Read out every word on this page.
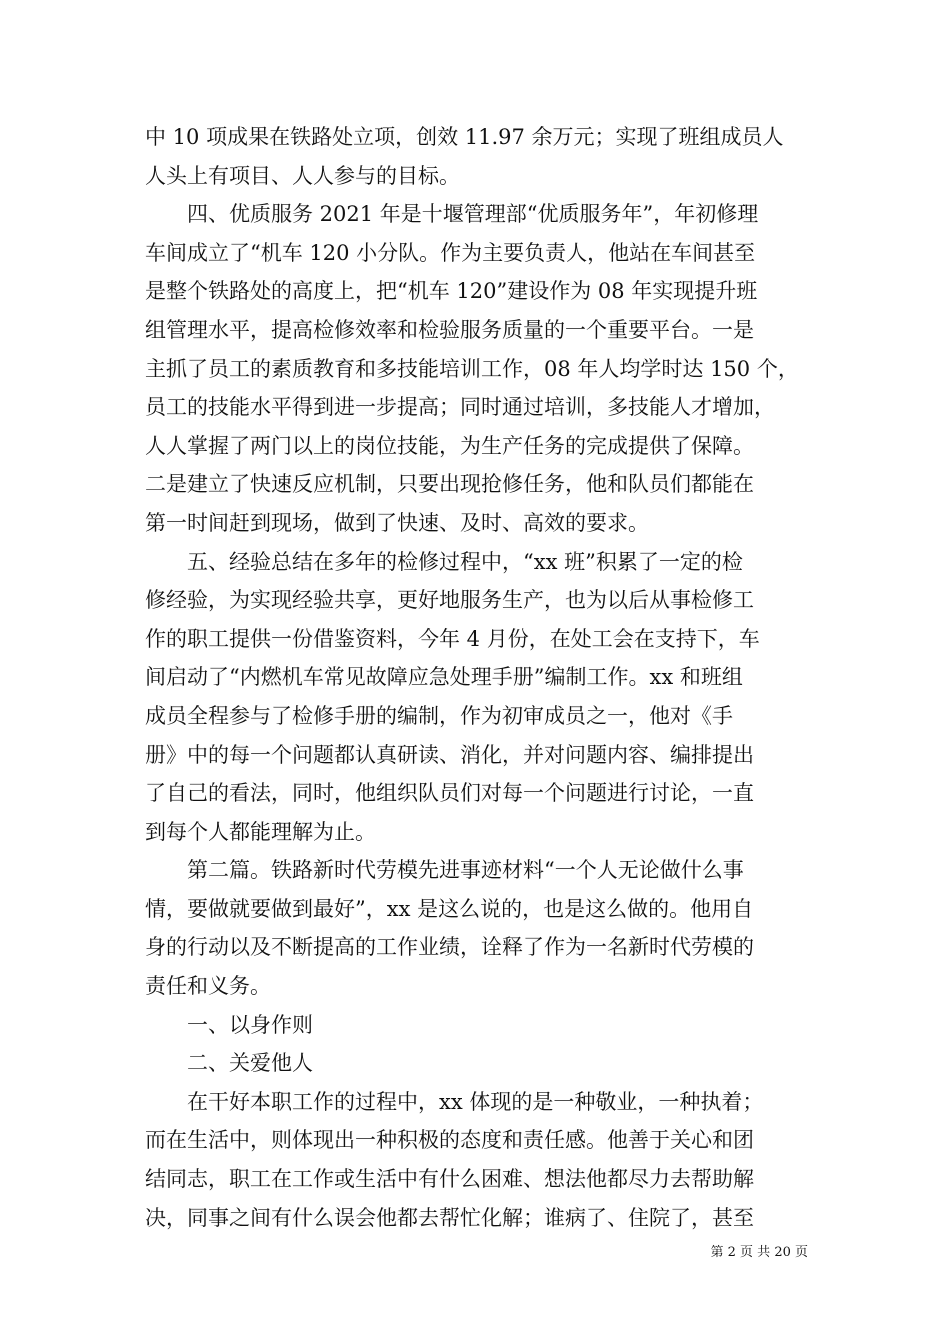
中 10 项成果在铁路处立项，创效 11.97 余万元；实现了班组成员人
人头上有项目、人人参与的目标。
　　四、优质服务 2021 年是十堰管理部“优质服务年”，年初修理
车间成立了“机车 120 小分队。作为主要负责人，他站在车间甚至
是整个铁路处的高度上，把“机车 120”建设作为 08 年实现提升班
组管理水平，提高检修效率和检验服务质量的一个重要平台。一是
主抓了员工的素质教育和多技能培训工作，08 年人均学时达 150 个，
员工的技能水平得到进一步提高；同时通过培训，多技能人才增加，
人人掌握了两门以上的岗位技能，为生产任务的完成提供了保障。
二是建立了快速反应机制，只要出现抢修任务，他和队员们都能在
第一时间赶到现场，做到了快速、及时、高效的要求。
　　五、经验总结在多年的检修过程中，“xx 班”积累了一定的检
修经验，为实现经验共享，更好地服务生产，也为以后从事检修工
作的职工提供一份借鉴资料，今年 4 月份，在处工会在支持下，车
间启动了“内燃机车常见故障应急处理手册”编制工作。xx 和班组
成员全程参与了检修手册的编制，作为初审成员之一，他对《手
册》中的每一个问题都认真研读、消化，并对问题内容、编排提出
了自己的看法，同时，他组织队员们对每一个问题进行讨论，一直
到每个人都能理解为止。
　　第二篇。铁路新时代劳模先进事迹材料“一个人无论做什么事
情，要做就要做到最好”，xx 是这么说的，也是这么做的。他用自
身的行动以及不断提高的工作业绩，诠释了作为一名新时代劳模的
责任和义务。
　　一、以身作则
　　二、关爱他人
　　在干好本职工作的过程中，xx 体现的是一种敬业，一种执着；
而在生活中，则体现出一种积极的态度和责任感。他善于关心和团
结同志，职工在工作或生活中有什么困难、想法他都尽力去帮助解
决，同事之间有什么误会他都去帮忙化解；谁病了、住院了，甚至
第 2 页 共 20 页
